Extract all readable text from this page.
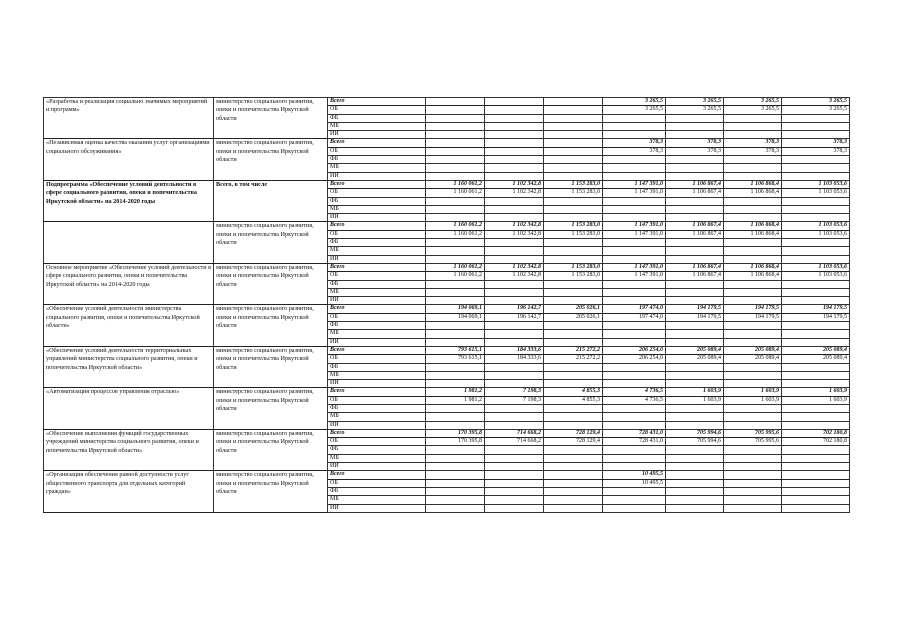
«Разработка и реализация социально значимых мероприятий и программ»	министерство социального развития, опеки и попечительства Иркутской области	Всего				3 265,5	3 265,5	3 265,5	3 265,5
		ОБ				3 265,5	3 265,5	3 265,5	3 265,5
		ФБ							
		МБ							
		ИИ							
«Независимая оценка качества оказания услуг организациями социального обслуживания»	министерство социального развития, опеки и попечительства Иркутской области	Всего				378,3	378,3	378,3	378,3
		ОБ				378,3	378,3	378,3	378,3
		ФБ							
		МБ							
		ИИ							
Подпрограмма «Обеспечение условий деятельности в сфере социального развития, опеки и попечительства Иркутской области» на 2014-2020 годы	Всего, в том числе	Всего	1 160 061,2	1 102 342,8	1 153 283,0	1 147 391,0	1 106 867,4	1 106 868,4	1 103 053,6
		ОБ	1 160 061,2	1 102 342,8	1 153 283,0	1 147 391,0	1 106 867,4	1 106 868,4	1 103 053,6
		ФБ							
		МБ							
		ИИ							
	министерство социального развития, опеки и попечительства Иркутской области	Всего	1 160 061,2	1 102 342,8	1 153 283,0	1 147 391,0	1 106 867,4	1 106 868,4	1 103 053,6
		ОБ	1 160 061,2	1 102 342,8	1 153 283,0	1 147 391,0	1 106 867,4	1 106 868,4	1 103 053,6
		ФБ							
		МБ							
		ИИ							
Основное мероприятие «Обеспечение условий деятельности в сфере социального развития, опеки и попечительства Иркутской области» на 2014-2020 годы	министерство социального развития, опеки и попечительства Иркутской области	Всего	1 160 061,2	1 102 342,8	1 153 283,0	1 147 391,0	1 106 867,4	1 106 868,4	1 103 053,6
		ОБ	1 160 061,2	1 102 342,8	1 153 283,0	1 147 391,0	1 106 867,4	1 106 868,4	1 103 053,6
		ФБ							
		МБ							
		ИИ							
«Обеспечение условий деятельности министерства социального развития, опеки и попечительства Иркутской области»	министерство социального развития, опеки и попечительства Иркутской области	Всего	194 069,1	196 142,7	205 026,1	197 474,0	194 179,5	194 179,5	194 179,5
		ОБ	194 069,1	196 142,7	205 026,1	197 474,0	194 179,5	194 179,5	194 179,5
		ФБ							
		МБ							
		ИИ							
«Обеспечение условий деятельности территориальных управлений министерства социального развития, опеки и попечительства Иркутской области»	министерство социального развития, опеки и попечительства Иркутской области	Всего	793 615,1	184 333,6	215 272,2	206 254,0	205 089,4	205 089,4	205 089,4
		ОБ	793 615,1	184 333,6	215 272,2	206 254,0	205 089,4	205 089,4	205 089,4
		ФБ							
		МБ							
		ИИ							
«Автоматизация процессов управления отраслью»	министерство социального развития, опеки и попечительства Иркутской области	Всего	1 981,2	7 198,3	4 855,3	4 736,5	1 603,9	1 603,9	1 603,9
		ОБ	1 981,2	7 198,3	4 855,3	4 736,5	1 603,9	1 603,9	1 603,9
		ФБ							
		МБ							
		ИИ							
«Обеспечение выполнения функций государственных учреждений министерства социального развития, опеки и попечительства Иркутской области»	министерство социального развития, опеки и попечительства Иркутской области	Всего	170 395,8	714 668,2	728 129,4	728 431,0	705 994,6	705 995,6	702 180,8
		ОБ	170 395,8	714 668,2	728 129,4	728 431,0	705 994,6	705 995,6	702 180,8
		ФБ							
		МБ							
		ИИ							
«Организация обеспечения равной доступности услуг общественного транспорта для отдельных категорий граждан»	министерство социального развития, опеки и попечительства Иркутской области	Всего				10 495,5			
		ОБ				10 495,5			
		ФБ							
		МБ							
		ИИ							
